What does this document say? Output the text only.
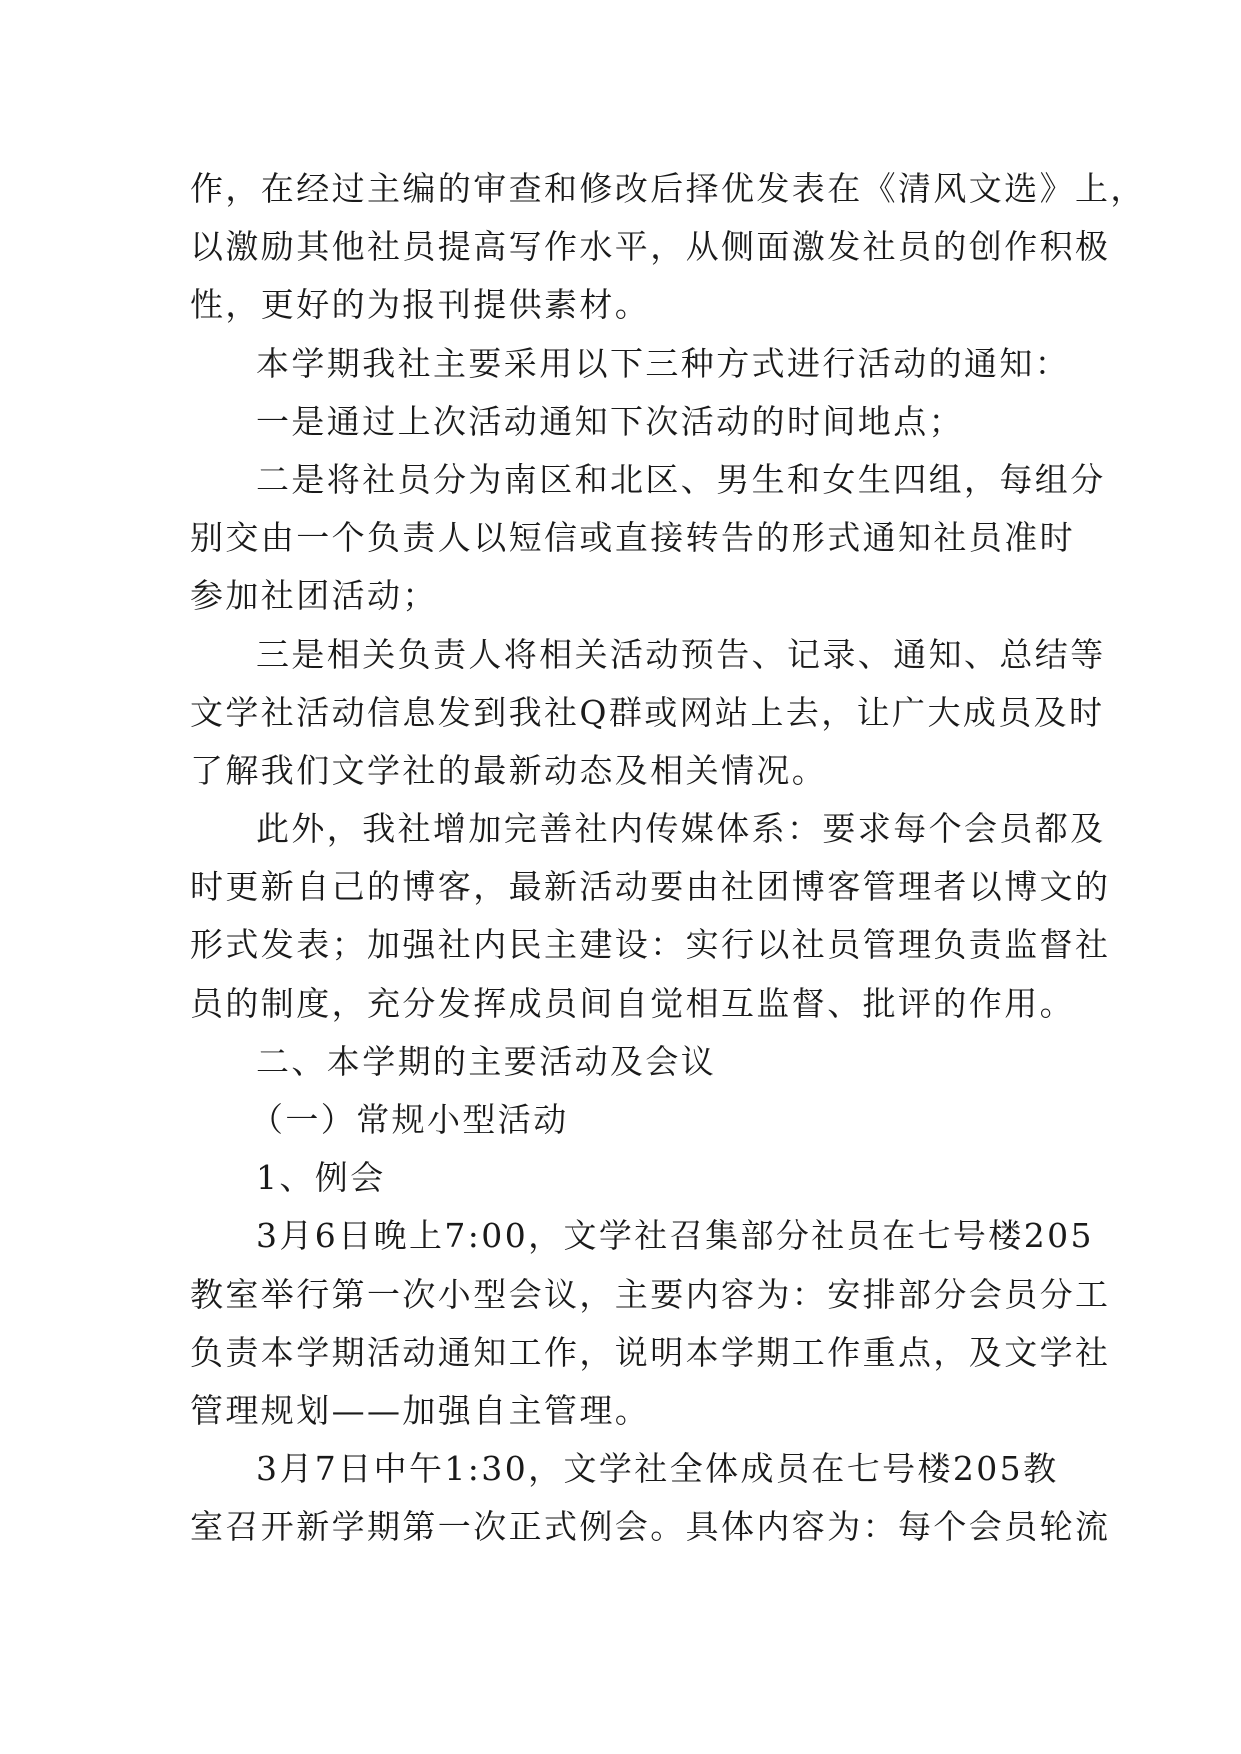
作，在经过主编的审查和修改后择优发表在《清风文选》上，
以激励其他社员提高写作水平，从侧面激发社员的创作积极
性，更好的为报刊提供素材。
本学期我社主要采用以下三种方式进行活动的通知：
一是通过上次活动通知下次活动的时间地点；
二是将社员分为南区和北区、男生和女生四组，每组分
别交由一个负责人以短信或直接转告的形式通知社员准时
参加社团活动；
三是相关负责人将相关活动预告、记录、通知、总结等
文学社活动信息发到我社Q群或网站上去，让广大成员及时
了解我们文学社的最新动态及相关情况。
此外，我社增加完善社内传媒体系：要求每个会员都及
时更新自己的博客，最新活动要由社团博客管理者以博文的
形式发表；加强社内民主建设：实行以社员管理负责监督社
员的制度，充分发挥成员间自觉相互监督、批评的作用。
二、本学期的主要活动及会议
（一）常规小型活动
1、例会
3月6日晚上7:00，文学社召集部分社员在七号楼205
教室举行第一次小型会议，主要内容为：安排部分会员分工
负责本学期活动通知工作，说明本学期工作重点，及文学社
管理规划——加强自主管理。
3月7日中午1:30，文学社全体成员在七号楼205教
室召开新学期第一次正式例会。具体内容为：每个会员轮流
